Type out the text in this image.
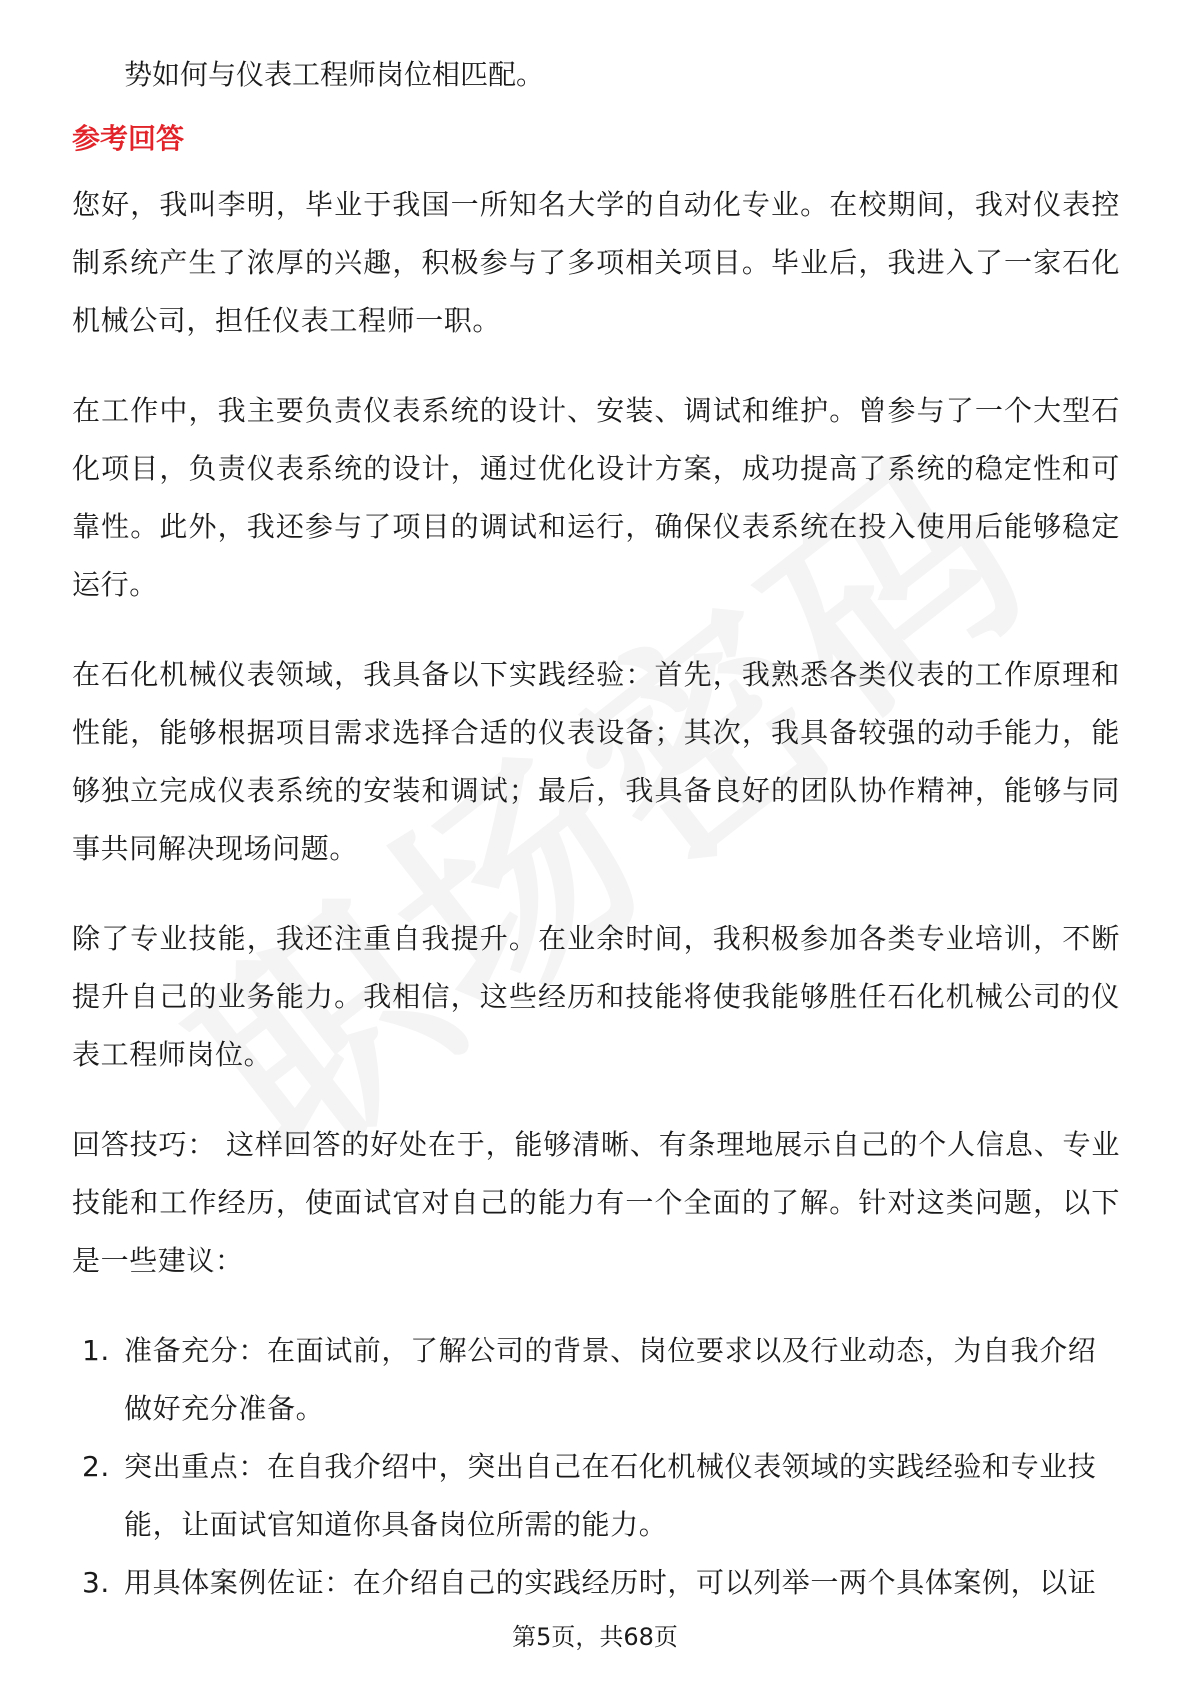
势如何与仪表工程师岗位相匹配。

参考回答

您好，我叫李明，毕业于我国一所知名大学的自动化专业。在校期间，我对仪表控制系统产生了浓厚的兴趣，积极参与了多项相关项目。毕业后，我进入了一家石化机械公司，担任仪表工程师一职。

在工作中，我主要负责仪表系统的设计、安装、调试和维护。曾参与了一个大型石化项目，负责仪表系统的设计，通过优化设计方案，成功提高了系统的稳定性和可靠性。此外，我还参与了项目的调试和运行，确保仪表系统在投入使用后能够稳定运行。

在石化机械仪表领域，我具备以下实践经验：首先，我熟悉各类仪表的工作原理和性能，能够根据项目需求选择合适的仪表设备；其次，我具备较强的动手能力，能够独立完成仪表系统的安装和调试；最后，我具备良好的团队协作精神，能够与同事共同解决现场问题。

除了专业技能，我还注重自我提升。在业余时间，我积极参加各类专业培训，不断提升自己的业务能力。我相信，这些经历和技能将使我能够胜任石化机械公司的仪表工程师岗位。

回答技巧： 这样回答的好处在于，能够清晰、有条理地展示自己的个人信息、专业技能和工作经历，使面试官对自己的能力有一个全面的了解。针对这类问题，以下是一些建议：

1. 准备充分：在面试前，了解公司的背景、岗位要求以及行业动态，为自我介绍做好充分准备。
2. 突出重点：在自我介绍中，突出自己在石化机械仪表领域的实践经验和专业技能，让面试官知道你具备岗位所需的能力。
3. 用具体案例佐证：在介绍自己的实践经历时，可以列举一两个具体案例，以证
第5页，共68页
